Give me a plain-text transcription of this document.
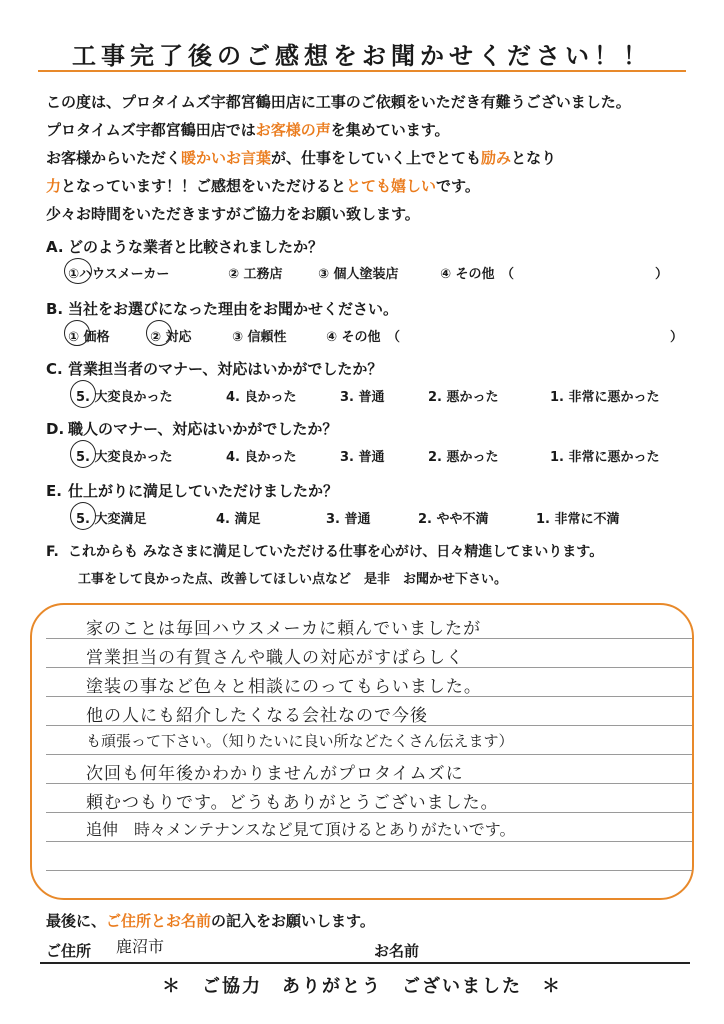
工事完了後のご感想をお聞かせください！！
この度は、プロタイムズ宇都宮鶴田店に工事のご依頼をいただき有難うございました。
プロタイムズ宇都宮鶴田店ではお客様の声を集めています。
お客様からいただく暖かいお言葉が、仕事をしていく上でとても励みとなり
力となっています！！ご感想をいただけるととても嬉しいです。
少々お時間をいただきますがご協力をお願い致します。
A. どのような業者と比較されましたか？
①ハウスメーカー	② 工務店	③ 個人塗装店	④ その他　（	）
B. 当社をお選びになった理由をお聞かせください。
① 価格	② 対応	③ 信頼性	④ その他　（	）
C. 営業担当者のマナー、対応はいかがでしたか？
5. 大変良かった	4. 良かった	3. 普通	2. 悪かった	1. 非常に悪かった
D. 職人のマナー、対応はいかがでしたか？
5. 大変良かった	4. 良かった	3. 普通	2. 悪かった	1. 非常に悪かった
E. 仕上がりに満足していただけましたか？
5. 大変満足	4. 満足	3. 普通	2. やや不満	1. 非常に不満
F. これからも みなさまに満足していただける仕事を心がけ、日々精進してまいります。
工事をして良かった点、改善してほしい点など　是非　お聞かせ下さい。
家のことは毎回ハウスメーカに頼んでいましたが
営業担当の有賀さんや職人の対応がすばらしく
塗装の事など色々と相談にのってもらいました。
他の人にも紹介したくなる会社なので今後
も頑張って下さい。（知りたいに良い所などたくさん伝えます）
次回も何年後かわかりませんがプロタイムズに
頼むつもりです。どうもありがとうございました。
追伸　時々メンテナンスなど見て頂けるとありがたいです。
最後に、ご住所とお名前の記入をお願いします。
ご住所 鹿沼市	お名前
＊　ご協力　ありがとう　ございました　＊
